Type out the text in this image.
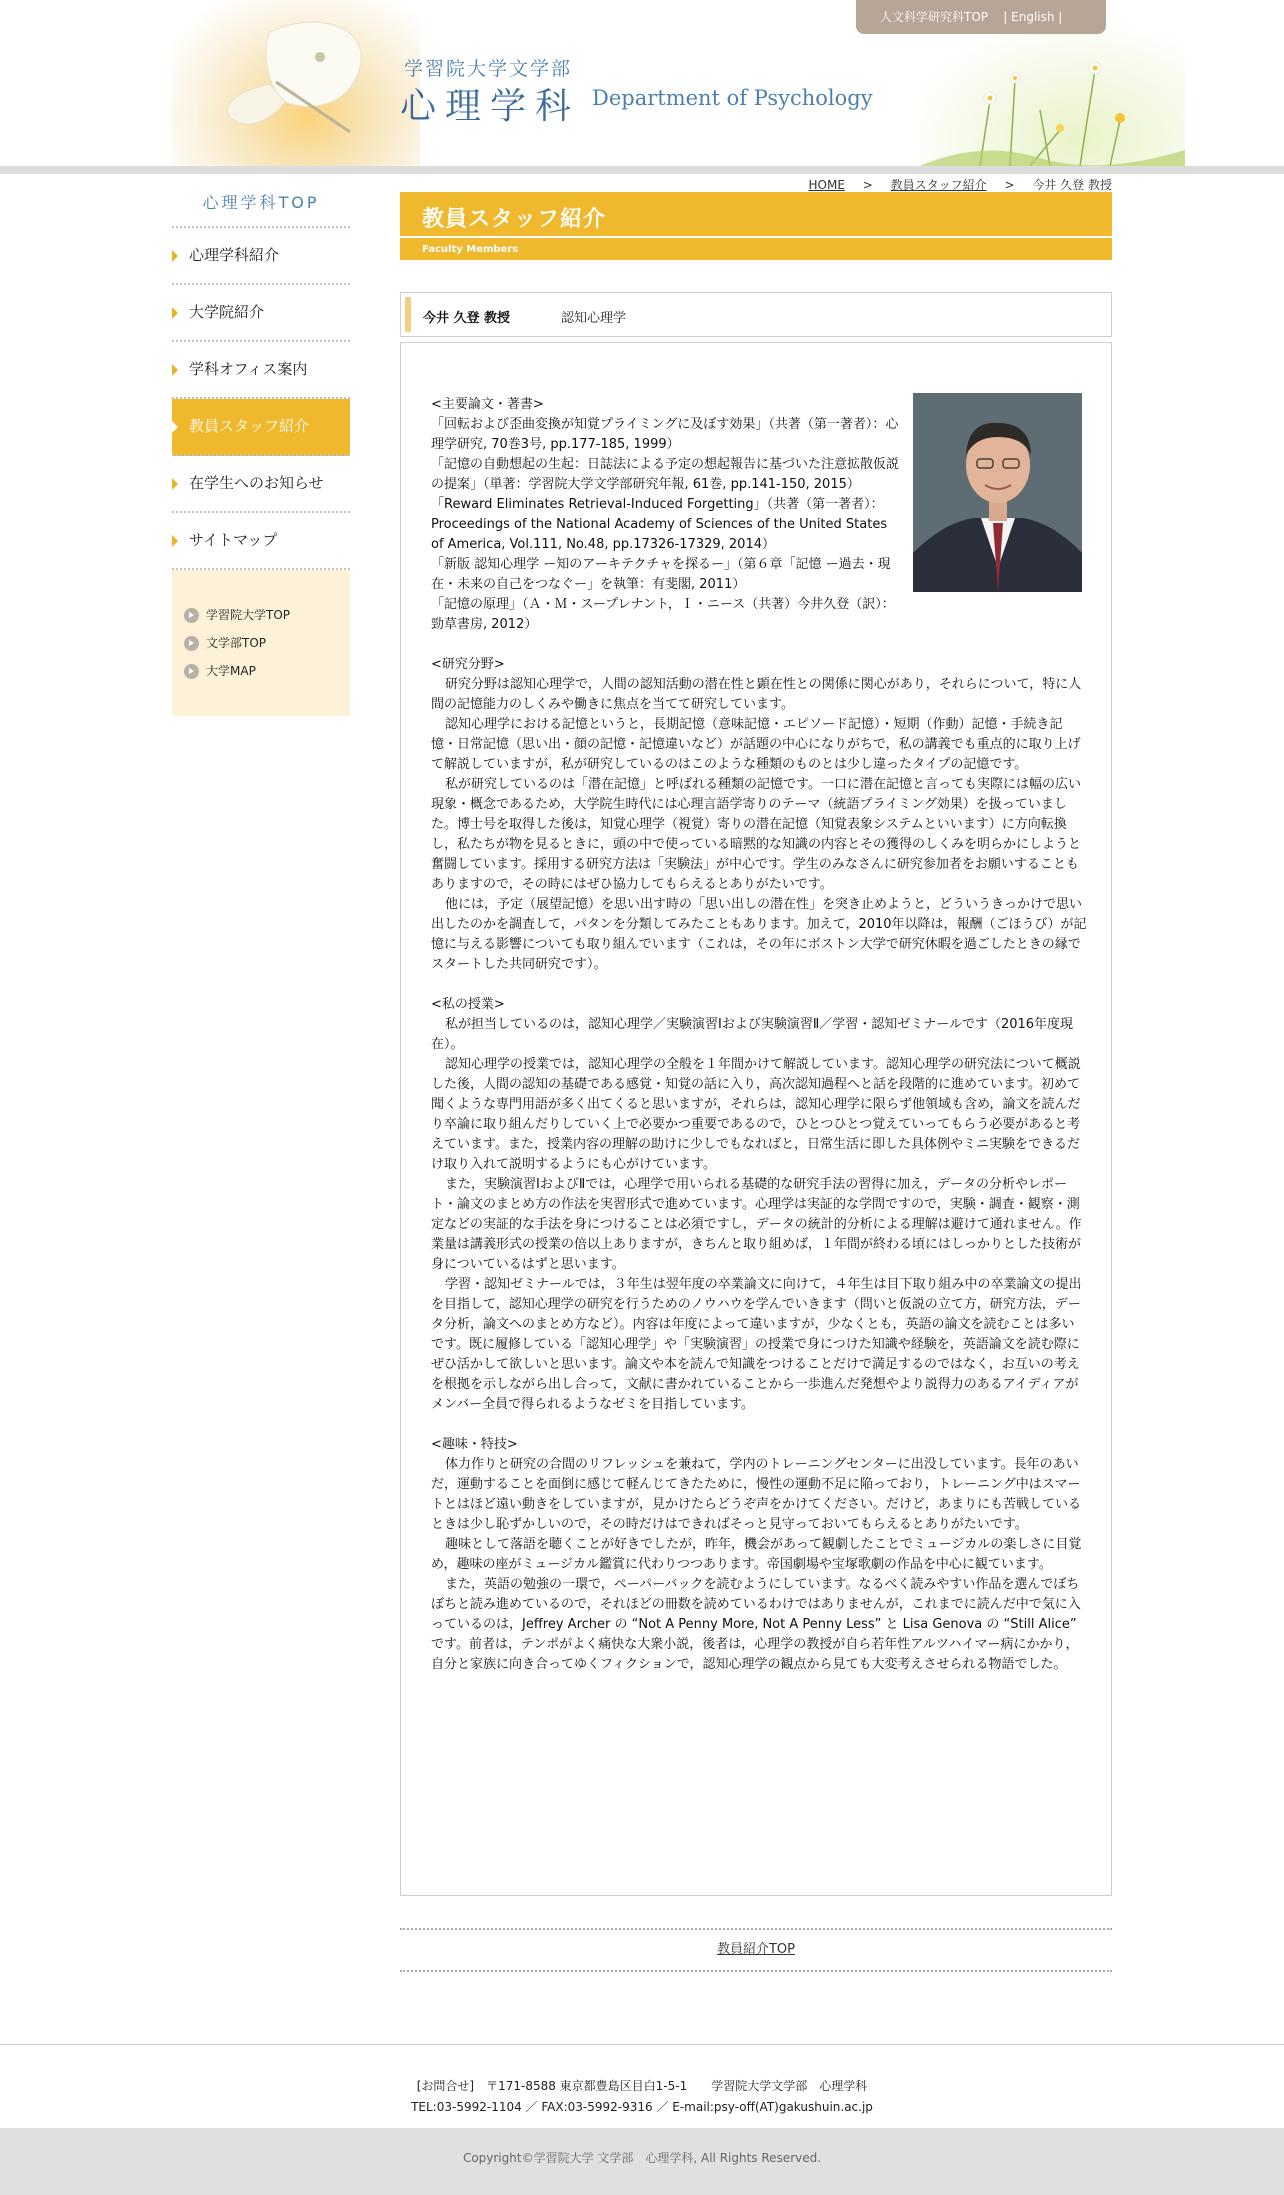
人文科学研究科TOP | English |
学習院大学文学部
心理学科 Department of Psychology
HOME > 教員スタッフ紹介 > 今井 久登 教授
心理学科TOP
心理学科紹介
大学院紹介
学科オフィス案内
教員スタッフ紹介
在学生へのお知らせ
サイトマップ
学習院大学TOP
文学部TOP
大学MAP
教員スタッフ紹介
Faculty Members
今井 久登 教授	認知心理学
<主要論文・著書>
「回転および歪曲変換が知覚プライミングに及ぼす効果」（共著（第一著者）：心理学研究, 70巻3号, pp.177-185, 1999）
「記憶の自動想起の生起：日誌法による予定の想起報告に基づいた注意拡散仮説の提案」（単著：学習院大学文学部研究年報, 61巻, pp.141-150, 2015）
「Reward Eliminates Retrieval-Induced Forgetting」（共著（第一著者）：Proceedings of the National Academy of Sciences of the United States of America, Vol.111, No.48, pp.17326-17329, 2014）
「新版 認知心理学 ー知のアーキテクチャを探るー」（第６章「記憶 ー過去・現在・未来の自己をつなぐー」を執筆：有斐閣, 2011）
「記憶の原理」（Ａ・Ｍ・スープレナント，Ｉ・ニース（共著）今井久登（訳）：勁草書房, 2012）
<研究分野>
研究分野は認知心理学で，人間の認知活動の潜在性と顕在性との関係に関心があり，それらについて，特に人間の記憶能力のしくみや働きに焦点を当てて研究しています。
認知心理学における記憶というと，長期記憶（意味記憶・エピソード記憶）・短期（作動）記憶・手続き記憶・日常記憶（思い出・顔の記憶・記憶違いなど）が話題の中心になりがちで，私の講義でも重点的に取り上げて解説していますが，私が研究しているのはこのような種類のものとは少し違ったタイプの記憶です。
私が研究しているのは「潜在記憶」と呼ばれる種類の記憶です。一口に潜在記憶と言っても実際には幅の広い現象・概念であるため，大学院生時代には心理言語学寄りのテーマ（統語プライミング効果）を扱っていました。博士号を取得した後は，知覚心理学（視覚）寄りの潜在記憶（知覚表象システムといいます）に方向転換し，私たちが物を見るときに，頭の中で使っている暗黙的な知識の内容とその獲得のしくみを明らかにしようと奮闘しています。採用する研究方法は「実験法」が中心です。学生のみなさんに研究参加者をお願いすることもありますので，その時にはぜひ協力してもらえるとありがたいです。
他には，予定（展望記憶）を思い出す時の「思い出しの潜在性」を突き止めようと，どういうきっかけで思い出したのかを調査して，パタンを分類してみたこともあります。加えて，2010年以降は，報酬（ごほうび）が記憶に与える影響についても取り組んでいます（これは，その年にボストン大学で研究休暇を過ごしたときの縁でスタートした共同研究です）。
<私の授業>
私が担当しているのは，認知心理学／実験演習Ⅰおよび実験演習Ⅱ／学習・認知ゼミナールです（2016年度現在）。
認知心理学の授業では，認知心理学の全般を１年間かけて解説しています。認知心理学の研究法について概説した後，人間の認知の基礎である感覚・知覚の話に入り，高次認知過程へと話を段階的に進めています。初めて聞くような専門用語が多く出てくると思いますが，それらは，認知心理学に限らず他領域も含め，論文を読んだり卒論に取り組んだりしていく上で必要かつ重要であるので，ひとつひとつ覚えていってもらう必要があると考えています。また，授業内容の理解の助けに少しでもなればと，日常生活に即した具体例やミニ実験をできるだけ取り入れて説明するようにも心がけています。
また，実験演習ⅠおよびⅡでは，心理学で用いられる基礎的な研究手法の習得に加え，データの分析やレポート・論文のまとめ方の作法を実習形式で進めています。心理学は実証的な学問ですので，実験・調査・観察・測定などの実証的な手法を身につけることは必須ですし，データの統計的分析による理解は避けて通れません。作業量は講義形式の授業の倍以上ありますが，きちんと取り組めば，１年間が終わる頃にはしっかりとした技術が身についているはずと思います。
学習・認知ゼミナールでは，３年生は翌年度の卒業論文に向けて，４年生は目下取り組み中の卒業論文の提出を目指して，認知心理学の研究を行うためのノウハウを学んでいきます（問いと仮説の立て方，研究方法，データ分析，論文へのまとめ方など）。内容は年度によって違いますが，少なくとも，英語の論文を読むことは多いです。既に履修している「認知心理学」や「実験演習」の授業で身につけた知識や経験を，英語論文を読む際にぜひ活かして欲しいと思います。論文や本を読んで知識をつけることだけで満足するのではなく，お互いの考えを根拠を示しながら出し合って，文献に書かれていることから一歩進んだ発想やより説得力のあるアイディアがメンバー全員で得られるようなゼミを目指しています。
<趣味・特技>
体力作りと研究の合間のリフレッシュを兼ねて，学内のトレーニングセンターに出没しています。長年のあいだ，運動することを面倒に感じて軽んじてきたために，慢性の運動不足に陥っており，トレーニング中はスマートとはほど遠い動きをしていますが，見かけたらどうぞ声をかけてください。だけど，あまりにも苦戦しているときは少し恥ずかしいので，その時だけはできればそっと見守っておいてもらえるとありがたいです。
趣味として落語を聴くことが好きでしたが，昨年，機会があって観劇したことでミュージカルの楽しさに目覚め，趣味の座がミュージカル鑑賞に代わりつつあります。帝国劇場や宝塚歌劇の作品を中心に観ています。
また，英語の勉強の一環で，ペーパーバックを読むようにしています。なるべく読みやすい作品を選んでぼちぼちと読み進めているので，それほどの冊数を読めているわけではありませんが，これまでに読んだ中で気に入っているのは，Jeffrey Archer の “Not A Penny More, Not A Penny Less” と Lisa Genova の “Still Alice” です。前者は，テンポがよく痛快な大衆小説，後者は，心理学の教授が自ら若年性アルツハイマー病にかかり，自分と家族に向き合ってゆくフィクションで，認知心理学の観点から見ても大変考えさせられる物語でした。
教員紹介TOP
[お問合せ]　〒171-8588 東京都豊島区目白1-5-1　　学習院大学文学部　心理学科
TEL:03-5992-1104 ／ FAX:03-5992-9316 ／ E-mail:psy-off(AT)gakushuin.ac.jp
Copyright©学習院大学 文学部　心理学科, All Rights Reserved.
